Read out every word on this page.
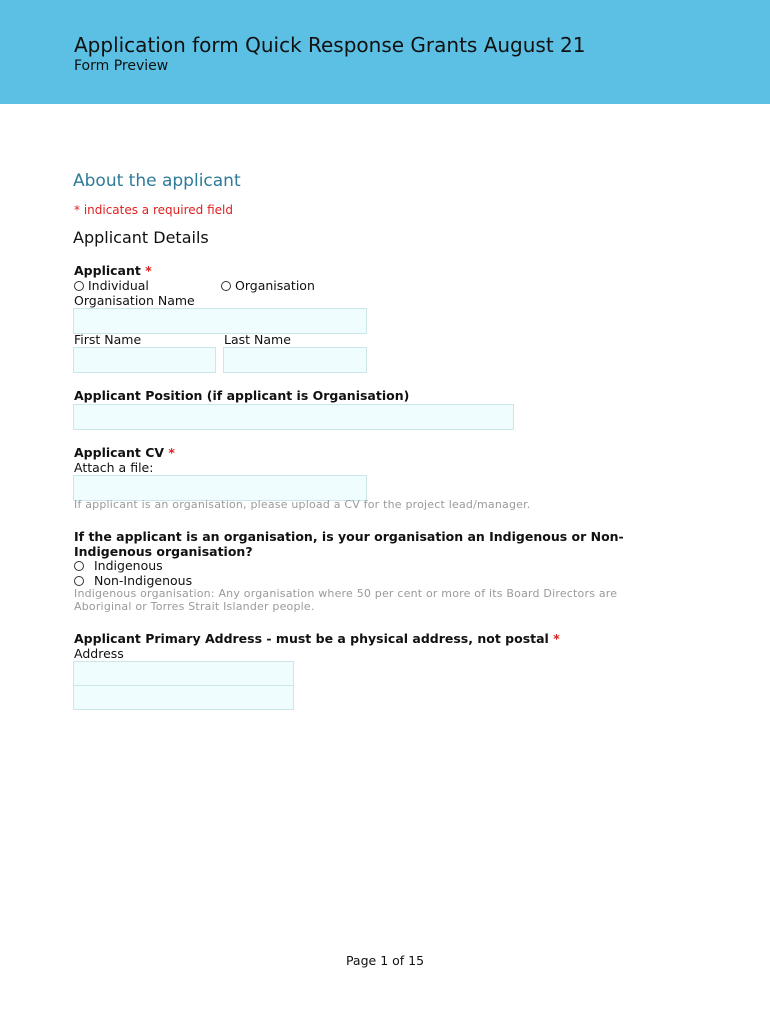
Application form Quick Response Grants August 21
Form Preview
About the applicant
* indicates a required field
Applicant Details
Applicant *
Individual	Organisation
Organisation Name
First Name	Last Name
Applicant Position (if applicant is Organisation)
Applicant CV *
Attach a file:
If applicant is an organisation, please upload a CV for the project lead/manager.
If the applicant is an organisation, is your organisation an Indigenous or Non-
Indigenous organisation?
Indigenous
Non-Indigenous
Indigenous organisation: Any organisation where 50 per cent or more of its Board Directors are
Aboriginal or Torres Strait Islander people.
Applicant Primary Address - must be a physical address, not postal *
Address
Page 1 of 15
